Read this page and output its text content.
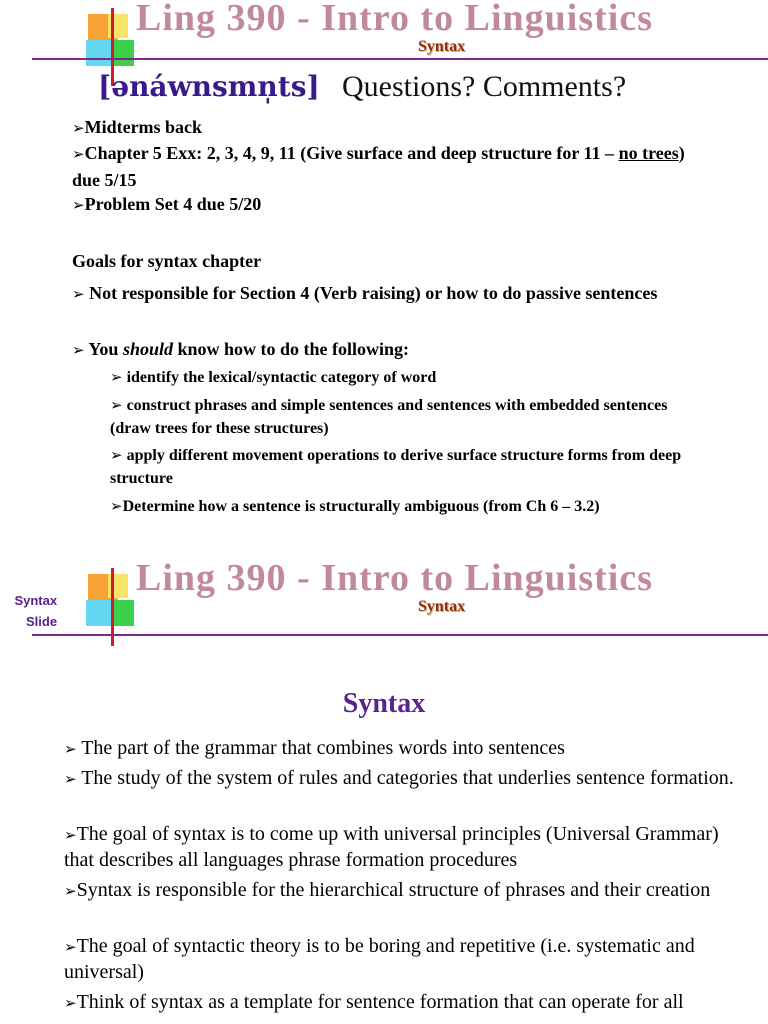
Ling 390 - Intro to Linguistics
Syntax
[ənáwnsmn̩ts] Questions? Comments?
➢Midterms back
➢Chapter 5 Exx: 2, 3, 4, 9, 11 (Give surface and deep structure for 11 – no trees) due 5/15
➢Problem Set 4 due 5/20
Goals for syntax chapter
➢ Not responsible for Section 4 (Verb raising) or how to do passive sentences
➢ You should know how to do the following:
➢ identify the lexical/syntactic category of word
➢ construct phrases and simple sentences and sentences with embedded sentences (draw trees for these structures)
➢ apply different movement operations to derive surface structure forms from deep structure
➢Determine how a sentence is structurally ambiguous (from Ch 6 – 3.2)
Syntax
Slide
Ling 390 - Intro to Linguistics
Syntax
Syntax
➢ The part of the grammar that combines words into sentences
➢ The study of the system of rules and categories that underlies sentence formation.
➢The goal of syntax is to come up with universal principles (Universal Grammar) that describes all languages phrase formation procedures
➢Syntax is responsible for the hierarchical structure of phrases and their creation
➢The goal of syntactic theory is to be boring and repetitive (i.e. systematic and universal)
➢Think of syntax as a template for sentence formation that can operate for all
